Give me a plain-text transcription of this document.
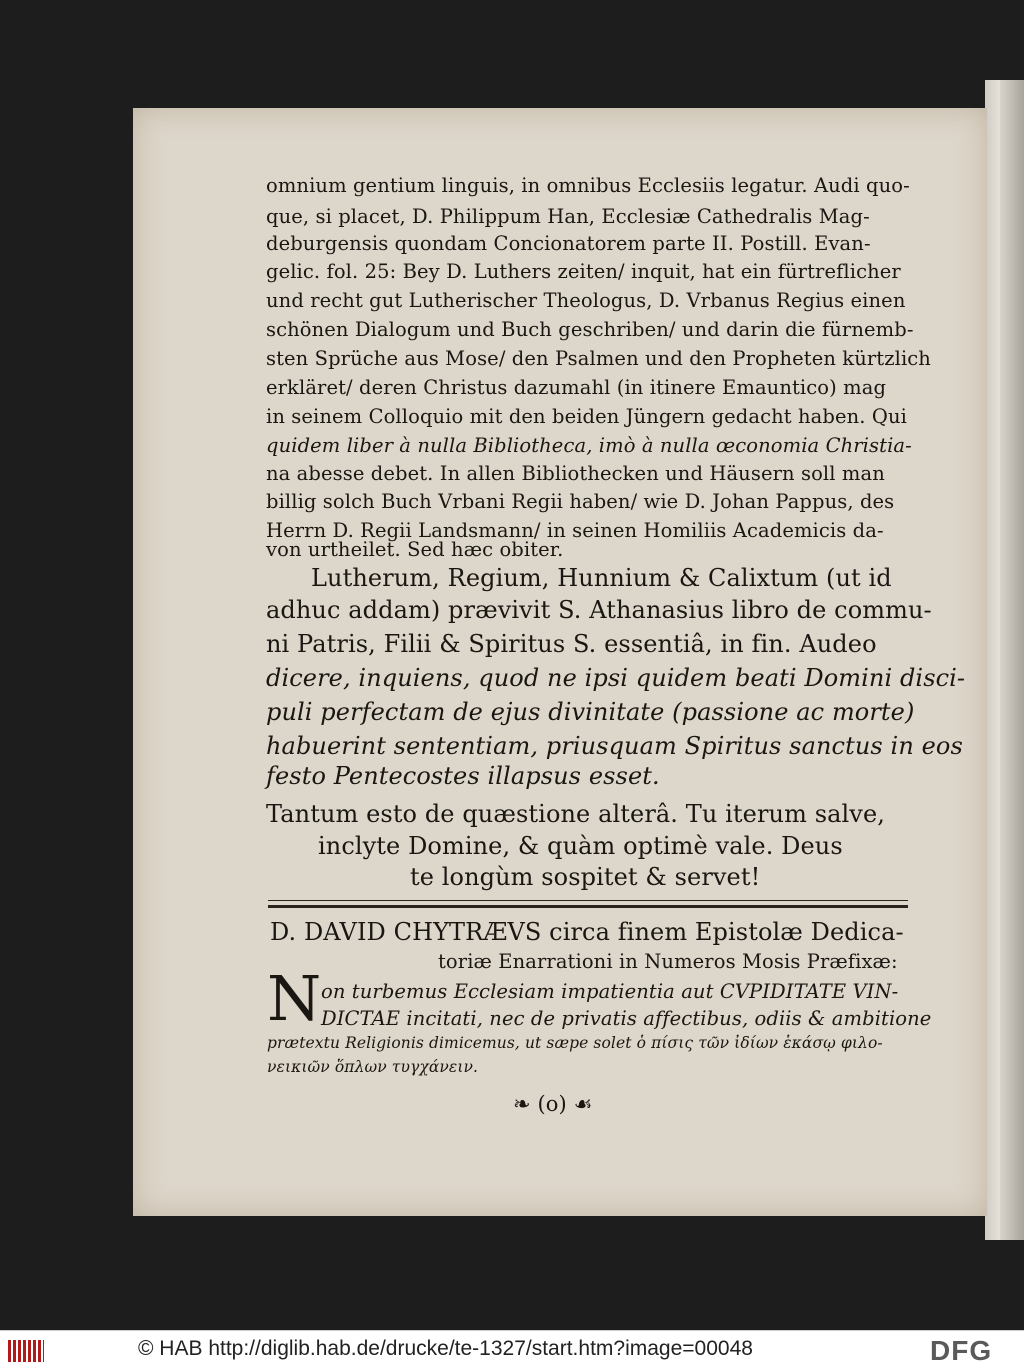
omnium gentium linguis, in omnibus Ecclesiis legatur. Audi quo-
que, si placet, D. Philippum Han, Ecclesiæ Cathedralis Mag-
deburgensis quondam Concionatorem parte II. Postill. Evan-
gelic. fol. 25: Bey D. Luthers zeiten/ inquit, hat ein fürtreflicher
und recht gut Lutherischer Theologus, D. Vrbanus Regius einen
schönen Dialogum und Buch geschriben/ und darin die fürnemb-
sten Sprüche aus Mose/ den Psalmen und den Propheten kürtzlich
erkläret/ deren Christus dazumahl (in itinere Emauntico) mag
in seinem Colloquio mit den beiden Jüngern gedacht haben. Qui
quidem liber à nulla Bibliotheca, imò à nulla œconomia Christia-
na abesse debet. In allen Bibliothecken und Häusern soll man
billig solch Buch Vrbani Regii haben/ wie D. Johan Pappus, des
Herrn D. Regii Landsmann/ in seinen Homiliis Academicis da-
von urtheilet. Sed hæc obiter.
Lutherum, Regium, Hunnium & Calixtum (ut id
adhuc addam) prævivit S. Athanasius libro de commu-
ni Patris, Filii & Spiritus S. essentiâ, in fin. Audeo
dicere, inquiens, quod ne ipsi quidem beati Domini disci-
puli perfectam de ejus divinitate (passione ac morte)
habuerint sententiam, priusquam Spiritus sanctus in eos
festo Pentecostes illapsus esset.
Tantum esto de quæstione alterâ. Tu iterum salve,
inclyte Domine, & quàm optimè vale. Deus
te longùm sospitet & servet!
D. DAVID CHYTRÆVS circa finem Epistolæ Dedica-
toriæ Enarrationi in Numeros Mosis Præfixæ:
N on turbemus Ecclesiam impatientia aut CVPIDITATE VIN-
DICTAE incitati, nec de privatis affectibus, odiis & ambitione
prætextu Religionis dimicemus, ut sæpe solet ὁ πίσις τῶν ἰδίων ἑκάσῳ φιλο-
νεικιῶν ὅπλων τυγχάνειν.
❧ (o) ☙
© HAB http://diglib.hab.de/drucke/te-1327/start.htm?image=00048	DFG
